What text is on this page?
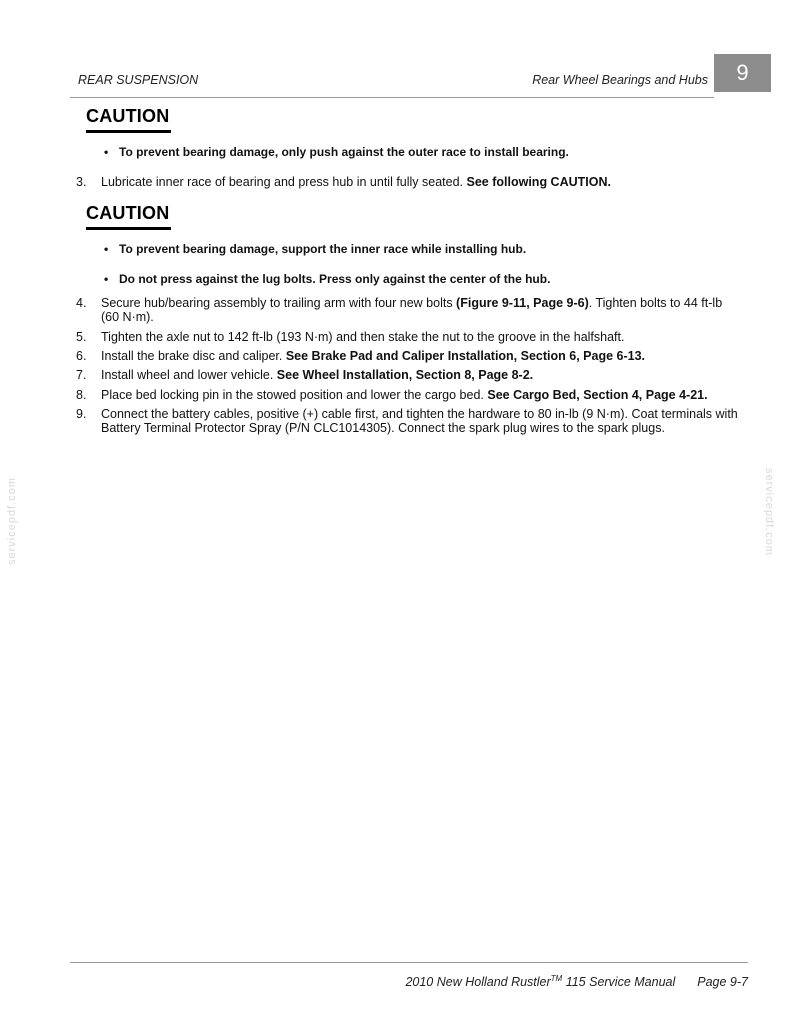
REAR SUSPENSION	Rear Wheel Bearings and Hubs	9
CAUTION
• To prevent bearing damage, only push against the outer race to install bearing.
3.	Lubricate inner race of bearing and press hub in until fully seated. See following CAUTION.
CAUTION
• To prevent bearing damage, support the inner race while installing hub.
• Do not press against the lug bolts. Press only against the center of the hub.
4.	Secure hub/bearing assembly to trailing arm with four new bolts (Figure 9-11, Page 9-6). Tighten bolts to 44 ft-lb (60 N·m).
5.	Tighten the axle nut to 142 ft-lb (193 N·m) and then stake the nut to the groove in the halfshaft.
6.	Install the brake disc and caliper. See Brake Pad and Caliper Installation, Section 6, Page 6-13.
7.	Install wheel and lower vehicle. See Wheel Installation, Section 8, Page 8-2.
8.	Place bed locking pin in the stowed position and lower the cargo bed. See Cargo Bed, Section 4, Page 4-21.
9.	Connect the battery cables, positive (+) cable first, and tighten the hardware to 80 in-lb (9 N·m). Coat terminals with Battery Terminal Protector Spray (P/N CLC1014305). Connect the spark plug wires to the spark plugs.
servicepdf.com	servicepdf.com
2010 New Holland Rustler™ 115 Service Manual Page 9-7
